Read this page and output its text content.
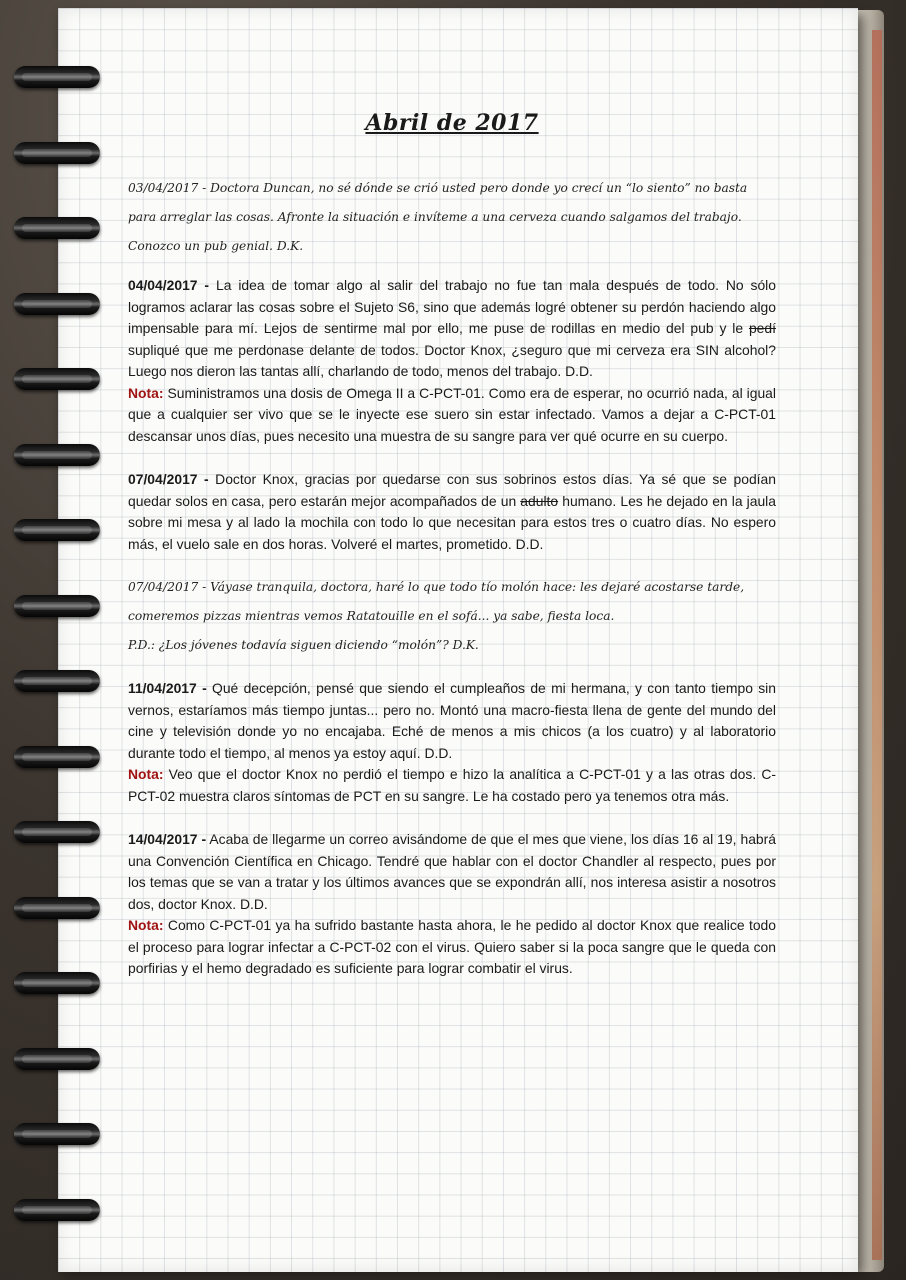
Abril de 2017

03/04/2017 - Doctora Duncan, no sé dónde se crió usted pero donde yo crecí un “lo siento” no basta para arreglar las cosas. Afronte la situación e invíteme a una cerveza cuando salgamos del trabajo. Conozco un pub genial. D.K.

04/04/2017 - La idea de tomar algo al salir del trabajo no fue tan mala después de todo. No sólo logramos aclarar las cosas sobre el Sujeto S6, sino que además logré obtener su perdón haciendo algo impensable para mí. Lejos de sentirme mal por ello, me puse de rodillas en medio del pub y le pedí supliqué que me perdonase delante de todos. Doctor Knox, ¿seguro que mi cerveza era SIN alcohol? Luego nos dieron las tantas allí, charlando de todo, menos del trabajo. D.D.
Nota: Suministramos una dosis de Omega II a C-PCT-01. Como era de esperar, no ocurrió nada, al igual que a cualquier ser vivo que se le inyecte ese suero sin estar infectado. Vamos a dejar a C-PCT-01 descansar unos días, pues necesito una muestra de su sangre para ver qué ocurre en su cuerpo.

07/04/2017 - Doctor Knox, gracias por quedarse con sus sobrinos estos días. Ya sé que se podían quedar solos en casa, pero estarán mejor acompañados de un adulto humano. Les he dejado en la jaula sobre mi mesa y al lado la mochila con todo lo que necesitan para estos tres o cuatro días. No espero más, el vuelo sale en dos horas. Volveré el martes, prometido. D.D.

07/04/2017 - Váyase tranquila, doctora, haré lo que todo tío molón hace: les dejaré acostarse tarde, comeremos pizzas mientras vemos Ratatouille en el sofá... ya sabe, fiesta loca.
P.D.: ¿Los jóvenes todavía siguen diciendo “molón”? D.K.

11/04/2017 - Qué decepción, pensé que siendo el cumpleaños de mi hermana, y con tanto tiempo sin vernos, estaríamos más tiempo juntas... pero no. Montó una macro-fiesta llena de gente del mundo del cine y televisión donde yo no encajaba. Eché de menos a mis chicos (a los cuatro) y al laboratorio durante todo el tiempo, al menos ya estoy aquí. D.D.
Nota: Veo que el doctor Knox no perdió el tiempo e hizo la analítica a C-PCT-01 y a las otras dos. C-PCT-02 muestra claros síntomas de PCT en su sangre. Le ha costado pero ya tenemos otra más.

14/04/2017 - Acaba de llegarme un correo avisándome de que el mes que viene, los días 16 al 19, habrá una Convención Científica en Chicago. Tendré que hablar con el doctor Chandler al respecto, pues por los temas que se van a tratar y los últimos avances que se expondrán allí, nos interesa asistir a nosotros dos, doctor Knox. D.D.
Nota: Como C-PCT-01 ya ha sufrido bastante hasta ahora, le he pedido al doctor Knox que realice todo el proceso para lograr infectar a C-PCT-02 con el virus. Quiero saber si la poca sangre que le queda con porfirias y el hemo degradado es suficiente para lograr combatir el virus.
